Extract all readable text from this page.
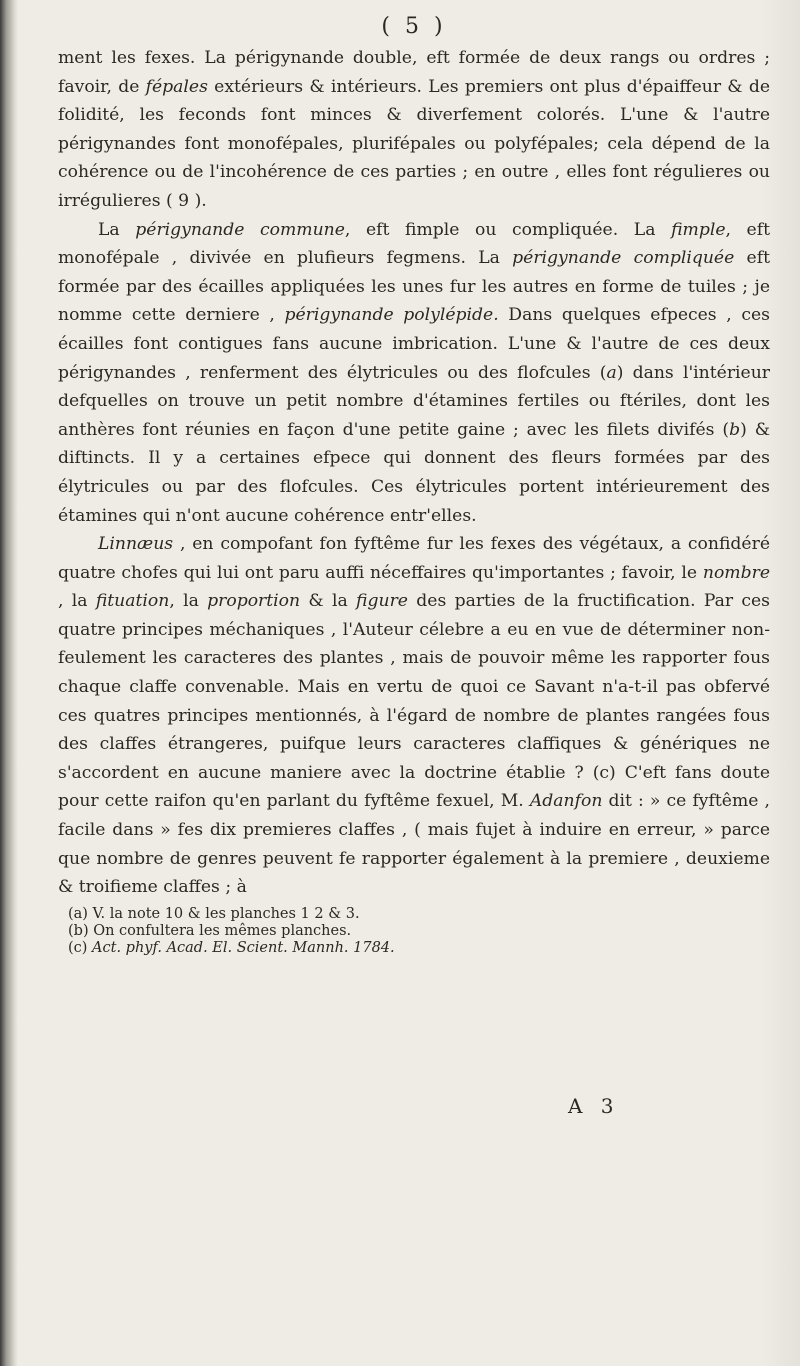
( 5 )

ment les fexes. La périgynande double, eft formée de deux rangs ou ordres ; favoir, de fépales extérieurs & intérieurs. Les premiers ont plus d'épaiffeur & de folidité, les feconds font minces & diverfement colorés. L'une & l'autre périgynandes font monofépales, plurifépales ou polyfépales; cela dépend de la cohérence ou de l'incohérence de ces parties ; en outre , elles font régulieres ou irrégulieres ( 9 ).

La périgynande commune, eft fimple ou compliquée. La fimple, eft monofépale , divivée en plufieurs fegmens. La périgynande compliquée eft formée par des écailles appliquées les unes fur les autres en forme de tuiles ; je nomme cette derniere , périgynande polylépide. Dans quelques efpeces , ces écailles font contigues fans aucune imbrication. L'une & l'autre de ces deux périgynandes , renferment des élytricules ou des flofcules (a) dans l'intérieur defquelles on trouve un petit nombre d'étamines fertiles ou ftériles, dont les anthères font réunies en façon d'une petite gaine ; avec les filets divifés (b) & diftincts. Il y a certaines efpece qui donnent des fleurs formées par des élytricules ou par des flofcules. Ces élytricules portent intérieurement des étamines qui n'ont aucune cohérence entr'elles.

Linnæus , en compofant fon fyftême fur les fexes des végétaux, a confidéré quatre chofes qui lui ont paru auffi néceffaires qu'importantes ; favoir, le nombre , la fituation, la proportion & la figure des parties de la fructification. Par ces quatre principes méchaniques , l'Auteur célebre a eu en vue de déterminer non-feulement les caracteres des plantes , mais de pouvoir même les rapporter fous chaque claffe convenable. Mais en vertu de quoi ce Savant n'a-t-il pas obfervé ces quatres principes mentionnés, à l'égard de nombre de plantes rangées fous des claffes étrangeres, puifque leurs caracteres claffiques & génériques ne s'accordent en aucune maniere avec la doctrine établie ? (c) C'eft fans doute pour cette raifon qu'en parlant du fyftême fexuel, M. Adanfon dit : » ce fyftême , facile dans » fes dix premieres claffes , ( mais fujet à induire en erreur, » parce que nombre de genres peuvent fe rapporter également à la premiere , deuxieme & troifieme claffes ; à

(a) V. la note 10 & les planches 1 2 & 3.
(b) On confultera les mêmes planches.
(c) Act. phyf. Acad. El. Scient. Mannh. 1784.
A 3
